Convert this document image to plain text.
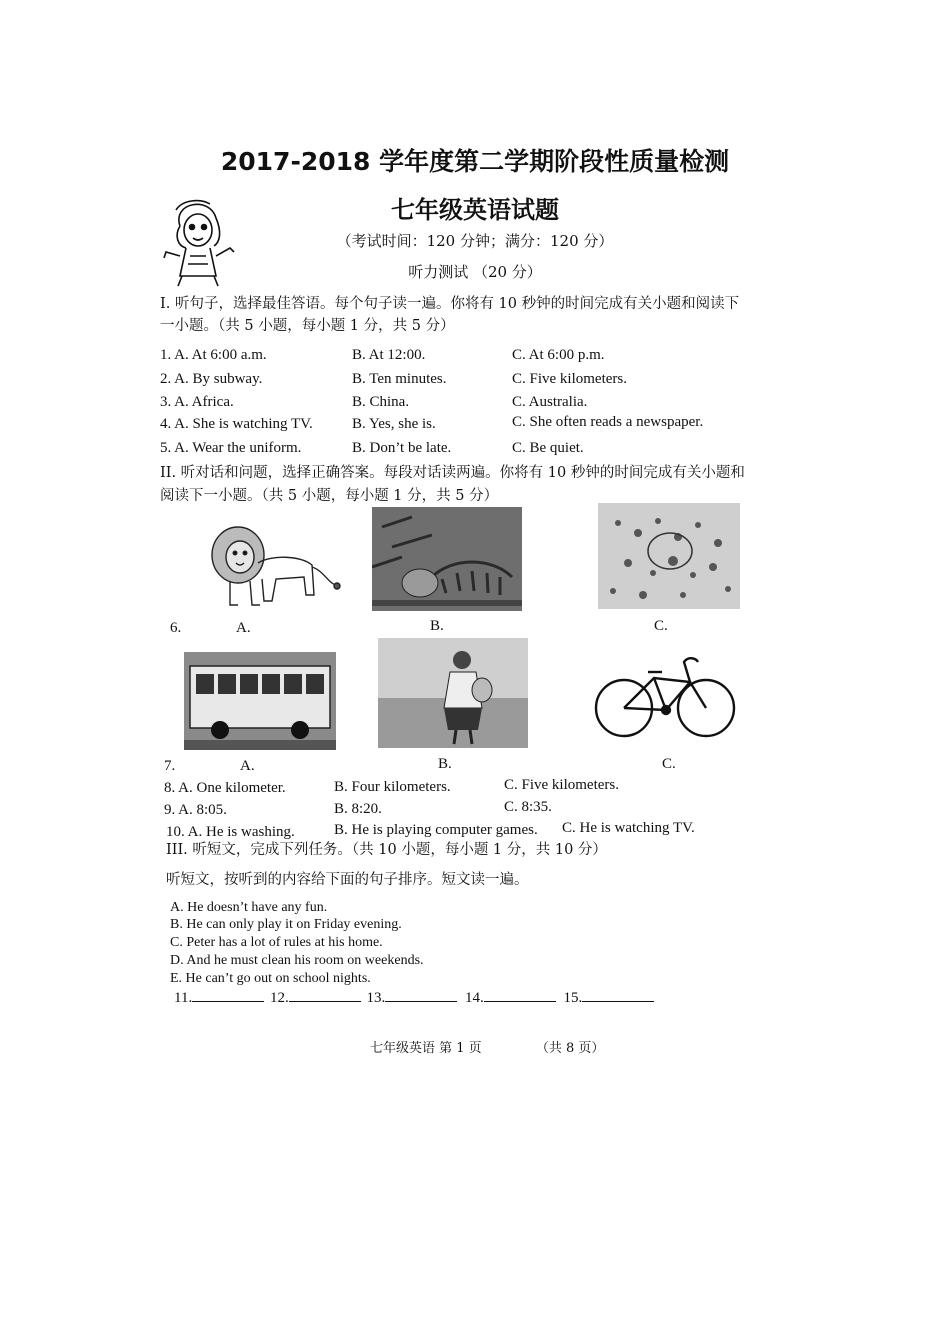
2017-2018 学年度第二学期阶段性质量检测
七年级英语试题
（考试时间：120 分钟；满分：120 分）
听力测试 （20 分）
I. 听句子，选择最佳答语。每个句子读一遍。你将有 10 秒钟的时间完成有关小题和阅读下
一小题。（共 5 小题，每小题 1 分，共 5 分）
1. A. At 6:00 a.m.	B. At 12:00.	C. At 6:00 p.m.
2. A. By subway.	B. Ten minutes.	C. Five kilometers.
3. A. Africa.	B. China.	C. Australia.
4. A. She is watching TV.	B. Yes, she is.	C. She often reads a newspaper.
5. A. Wear the uniform.	B. Don’t be late.	C. Be quiet.
II. 听对话和问题，选择正确答案。每段对话读两遍。你将有 10 秒钟的时间完成有关小题和
阅读下一小题。（共 5 小题，每小题 1 分，共 5 分）
6.	A.	B.	C.
7.	A.	B.	C.
8. A. One kilometer.	B. Four kilometers.	C. Five kilometers.
9. A. 8:05.	B. 8:20.	C. 8:35.
10. A. He is washing.	B. He is playing computer games. C. He is watching TV.
III. 听短文，完成下列任务。（共 10 小题，每小题 1 分，共 10 分）
听短文，按听到的内容给下面的句子排序。短文读一遍。
A. He doesn’t have any fun.
B. He can only play it on Friday evening.
C. Peter has a lot of rules at his home.
D. And he must clean his room on weekends.
E. He can’t go out on school nights.
11.	12.	13.	14.	15.
七年级英语 第 1 页	（共 8 页）
